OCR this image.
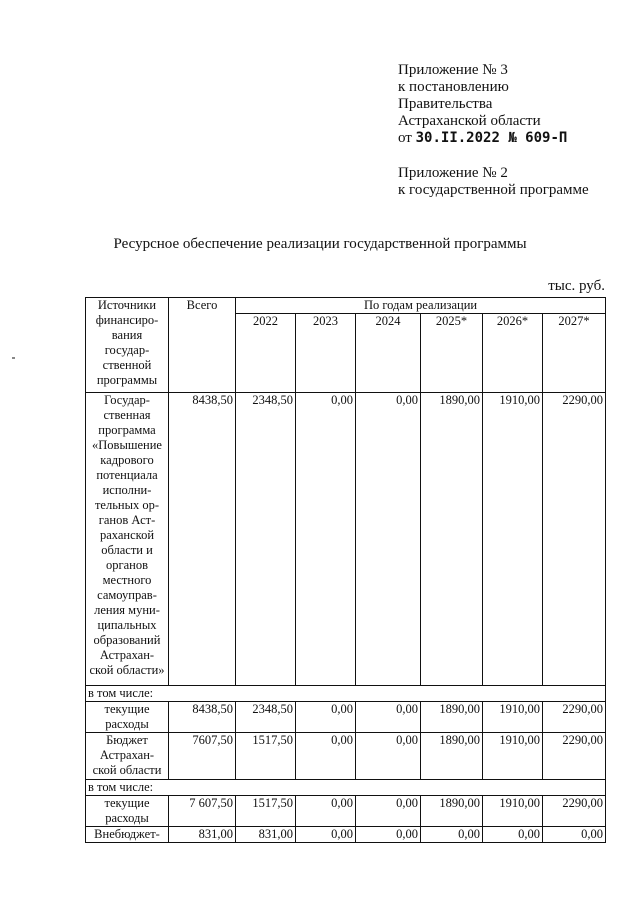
Приложение № 3
к постановлению
Правительства
Астраханской области
от 30.II.2022 № 609-П
Приложение № 2
к государственной программе
Ресурсное обеспечение реализации государственной программы
тыс. руб.
Источники финансиро-вания государ-ственной программы	Всего	По годам реализации					
		2022	2023	2024	2025*	2026*	2027*
Государ-ственная программа «Повышение кадрового потенциала исполни-тельных ор-ганов Аст-раханской области и органов местного самоуправ-ления муни-ципальных образований Астрахан-ской области»	8438,50	2348,50	0,00	0,00	1890,00	1910,00	2290,00
в том числе:							
текущие расходы	8438,50	2348,50	0,00	0,00	1890,00	1910,00	2290,00
Бюджет Астрахан-ской области	7607,50	1517,50	0,00	0,00	1890,00	1910,00	2290,00
в том числе:							
текущие расходы	7 607,50	1517,50	0,00	0,00	1890,00	1910,00	2290,00
Внебюджет-	831,00	831,00	0,00	0,00	0,00	0,00	0,00
